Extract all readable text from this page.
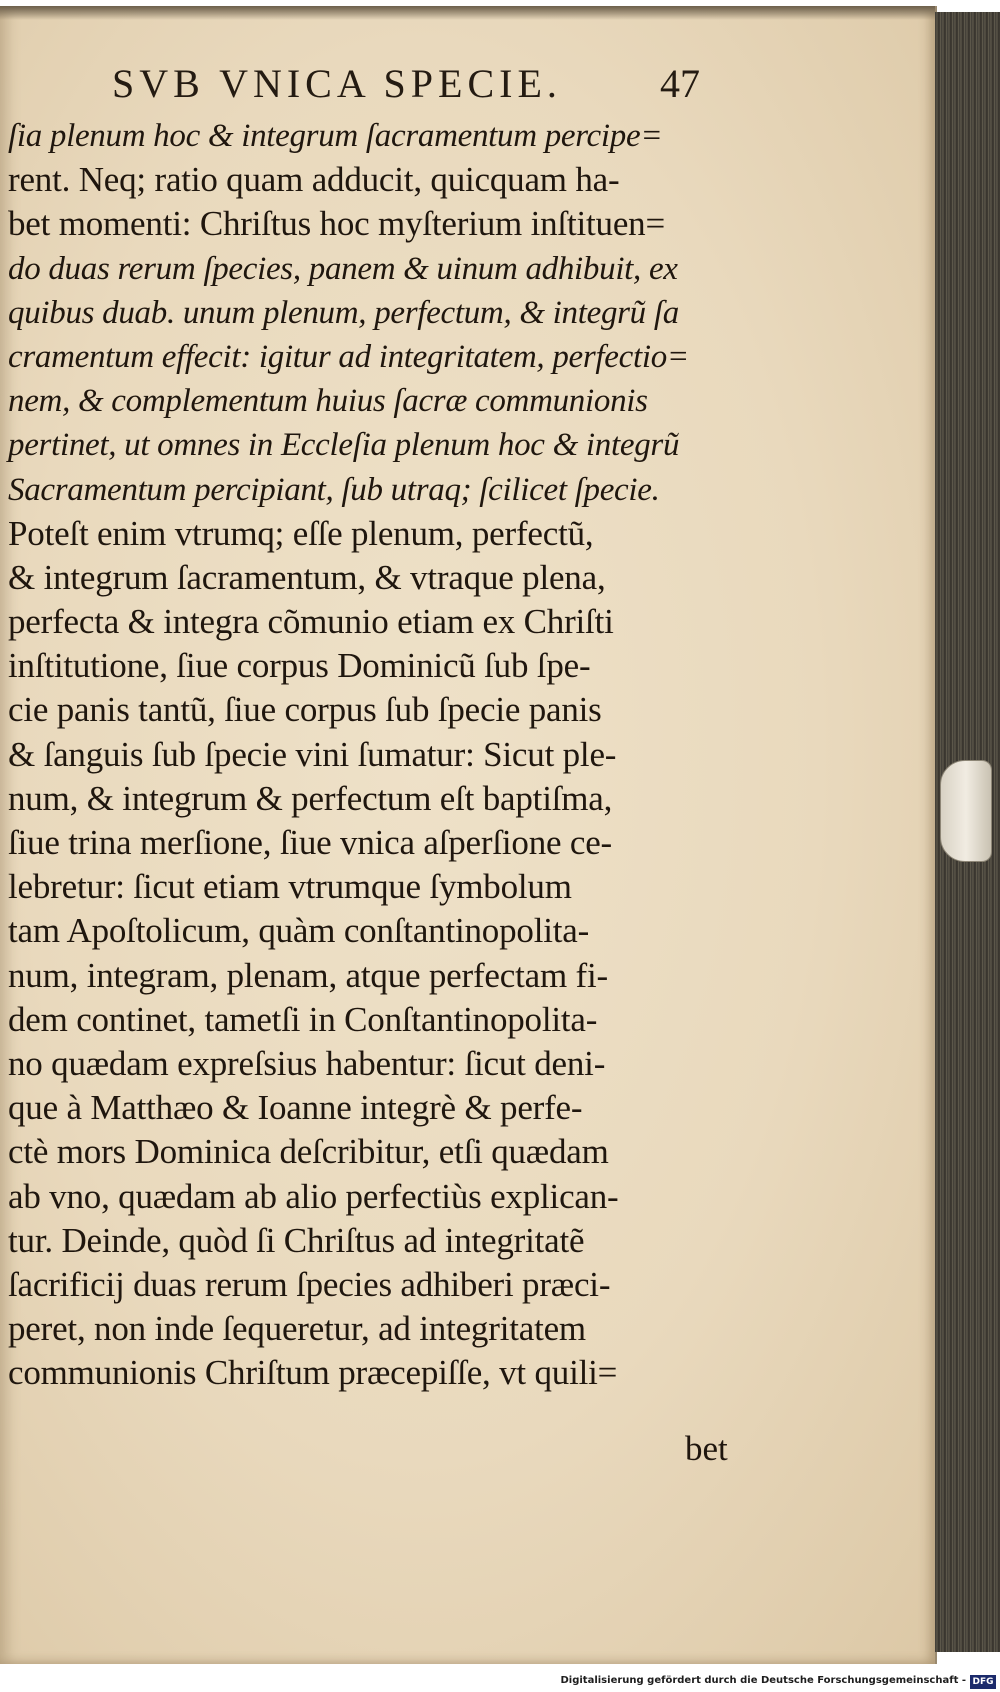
SVB VNICA SPECIE.	47
ſia plenum hoc & integrum ſacramentum percipe=
rent. Neq; ratio quam adducit, quicquam ha-
bet momenti: Chriſtus hoc myſterium inſtituen=
do duas rerum ſpecies, panem & uinum adhibuit, ex
quibus duab. unum plenum, perfectum, & integrũ ſa
cramentum effecit: igitur ad integritatem, perfectio=
nem, & complementum huius ſacræ communionis
pertinet, ut omnes in Eccleſia plenum hoc & integrũ
Sacramentum percipiant, ſub utraq; ſcilicet ſpecie.
Poteſt enim vtrumq; eſſe plenum, perfectũ,
& integrum ſacramentum, & vtraque plena,
perfecta & integra cõmunio etiam ex Chriſti
inſtitutione, ſiue corpus Dominicũ ſub ſpe-
cie panis tantũ, ſiue corpus ſub ſpecie panis
& ſanguis ſub ſpecie vini ſumatur: Sicut ple-
num, & integrum & perfectum eſt baptiſma,
ſiue trina merſione, ſiue vnica aſperſione ce-
lebretur: ſicut etiam vtrumque ſymbolum
tam Apoſtolicum, quàm conſtantinopolita-
num, integram, plenam, atque perfectam fi-
dem continet, tametſi in Conſtantinopolita-
no quædam expreſsius habentur: ſicut deni-
que à Matthæo & Ioanne integrè & perfe-
ctè mors Dominica deſcribitur, etſi quædam
ab vno, quædam ab alio perfectiùs explican-
tur. Deinde, quòd ſi Chriſtus ad integritatẽ
ſacrificij duas rerum ſpecies adhiberi præci-
peret, non inde ſequeretur, ad integritatem
communionis Chriſtum præcepiſſe, vt quili=
bet
Digitalisierung gefördert durch die Deutsche Forschungsgemeinschaft - DFG
